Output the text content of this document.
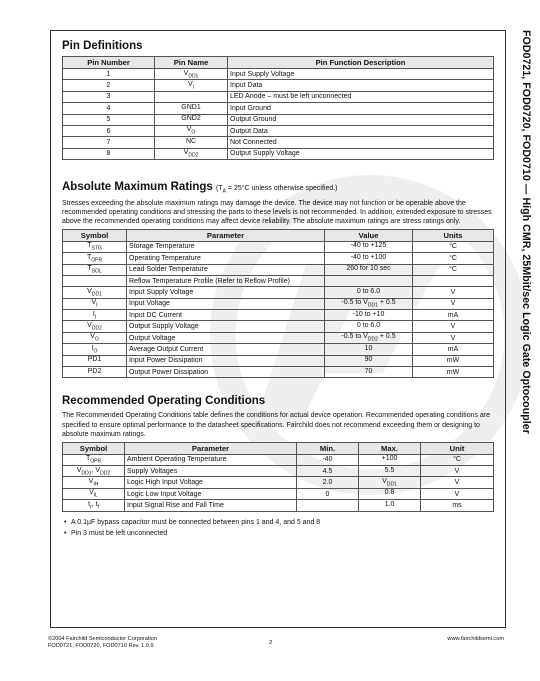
FOD0721, FOD0720, FOD0710 — High CMR, 25Mbit/sec Logic Gate Optocoupler
Pin Definitions
Pin Number	Pin Name	Pin Function Description
1	$V_{DD1}$	Input Supply Voltage
2	$V_I$	Input Data
3		LED Anode – must be left unconnected
4	GND1	Input Ground
5	GND2	Output Ground
6	$V_O$	Output Data
7	NC	Not Connected
8	$V_{DD2}$	Output Supply Voltage
Absolute Maximum Ratings ($T_A = 25^\circ C$ unless otherwise specified.)

Stresses exceeding the absolute maximum ratings may damage the device. The device may not function or be operable above the recommended operating conditions and stressing the parts to these levels is not recommended. In addition, extended exposure to stresses above the recommended operating conditions may affect device reliability. The absolute maximum ratings are stress ratings only.

Symbol	Parameter	Value	Units
$T_{STG}$	Storage Temperature	-40 to +125	°C
$T_{OPR}$	Operating Temperature	-40 to +100	°C
$T_{SOL}$	Lead Solder Temperature	260 for 10 sec	°C
	Reflow Temperature Profile (Refer to Reflow Profile)		
$V_{DD1}$	Input Supply Voltage	0 to 6.0	V
$V_I$	Input Voltage	-0.5 to $V_{DD1} + 0.5$	V
$I_I$	Input DC Current	-10 to +10	mA
$V_{DD2}$	Output Supply Voltage	0 to 6.0	V
$V_O$	Output Voltage	-0.5 to $V_{DD2} + 0.5$	V
$I_O$	Average Output Current	10	mA
PD1	Input Power Dissipation	90	mW
PD2	Output Power Dissipation	70	mW
Recommended Operating Conditions

The Recommended Operating Conditions table defines the conditions for actual device operation. Recommended operating conditions are specified to ensure optimal performance to the datasheet specifications. Fairchild does not recommend exceeding them or designing to absolute maximum ratings.

Symbol	Parameter	Min.	Max.	Unit
$T_{OPR}$	Ambient Operating Temperature	-40	+100	°C
$V_{DD1}$, $V_{DD2}$	Supply Voltages	4.5	5.5	V
$V_{IH}$	Logic High Input Voltage	2.0	$V_{DD1}$	V
$V_{IL}$	Logic Low Input Voltage	0	0.8	V
$t_r$, $t_f$	Input Signal Rise and Fall Time		1.0	ms
• A 0.1µF bypass capacitor must be connected between pins 1 and 4, and 5 and 8
• Pin 3 must be left unconnected
©2004 Fairchild Semiconductor Corporation
FOD0721, FOD0720, FOD0710 Rev. 1.0.9	2
www.fairchildsemi.com
